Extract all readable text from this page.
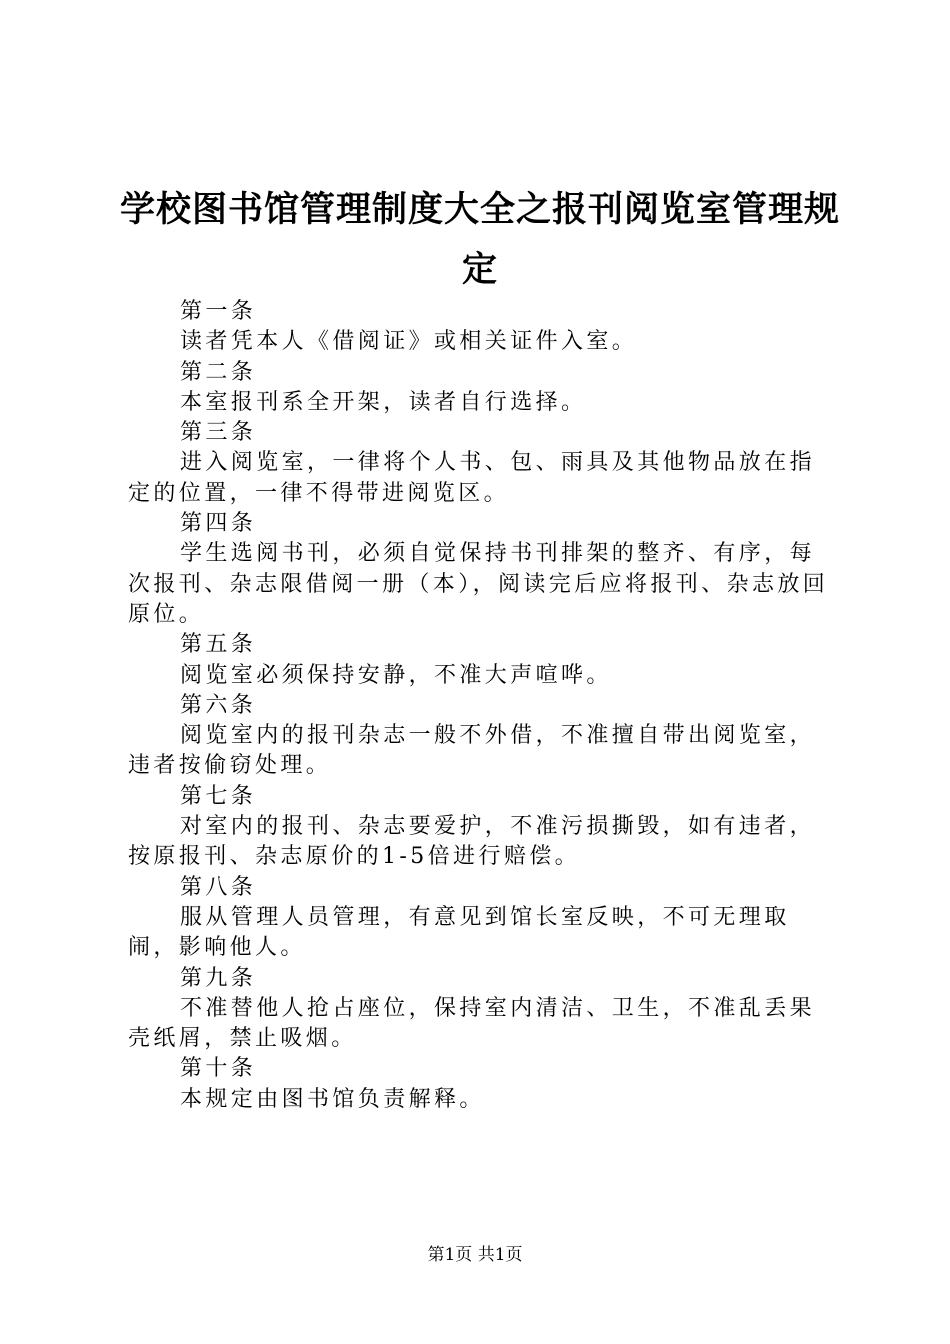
学校图书馆管理制度大全之报刊阅览室管理规定

第一条

读者凭本人《借阅证》或相关证件入室。

第二条

本室报刊系全开架，读者自行选择。

第三条

进入阅览室，一律将个人书、包、雨具及其他物品放在指定的位置，一律不得带进阅览区。

第四条

学生选阅书刊，必须自觉保持书刊排架的整齐、有序，每次报刊、杂志限借阅一册（本），阅读完后应将报刊、杂志放回原位。

第五条

阅览室必须保持安静，不准大声喧哗。

第六条

阅览室内的报刊杂志一般不外借，不准擅自带出阅览室，违者按偷窃处理。

第七条

对室内的报刊、杂志要爱护，不准污损撕毁，如有违者，按原报刊、杂志原价的1-5倍进行赔偿。

第八条

服从管理人员管理，有意见到馆长室反映，不可无理取闹，影响他人。

第九条

不准替他人抢占座位，保持室内清洁、卫生，不准乱丢果壳纸屑，禁止吸烟。

第十条

本规定由图书馆负责解释。

第1页 共1页
